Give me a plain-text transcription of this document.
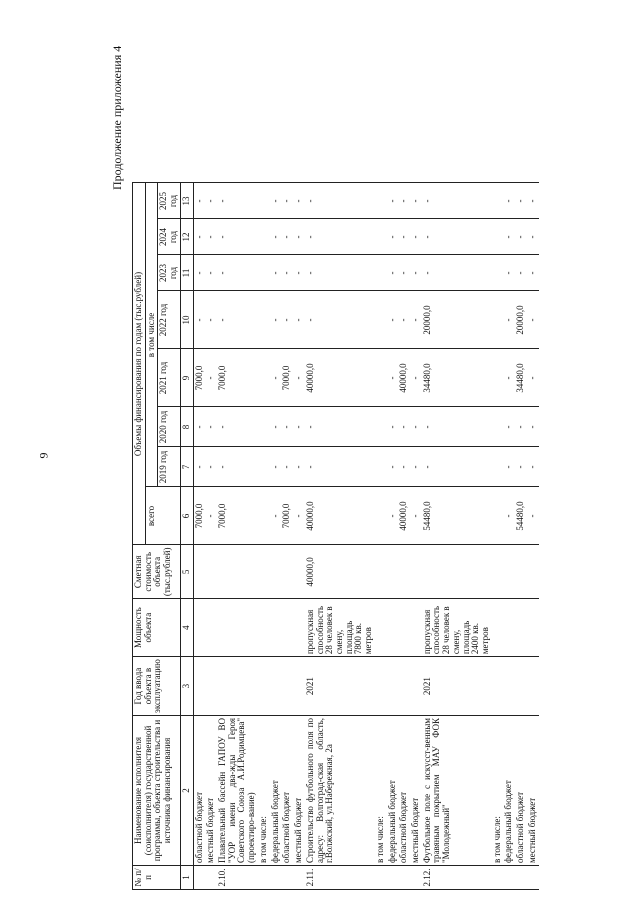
9
Продолжение приложения 4
№ п/п	Наименование исполнителя (соисполнителя) государственной программы, объекта строительства и источника финансирования	Год ввода объекта в эксплуатацию	Мощность объекта	Сметная стоимость объекта (тыс.рублей)	Объемы финансирования по годам (тыс.рублей)							
					всего	в том числе						
						2019 год	2020 год	2021 год	2022 год	2023 год	2024 год	2025 год
1	2	3	4	5	6	7	8	9	10	11	12	13
	областной бюджет				7000,0	-	-	7000,0	-	-	-	-
	местный бюджет				-	-	-	-	-	-	-	-
2.10.	Плавательный бассейн ГАПОУ ВО "УОР имени два-жды Героя Советского Союза А.И.Родимцева" (проектиро-вание)				7000,0	-	-	7000,0	-	-	-	-
	в том числе:											
	федеральный бюджет				-	-	-	-	-	-	-	-
	областной бюджет				7000,0	-	-	7000,0	-	-	-	-
	местный бюджет				-	-	-	-	-	-	-	-
2.11.	Строительство футбольного поля по адресу: Волгоград-ская область, г.Волжский, ул.Набережная, 2а	2021	пропускная способность 28 человек в смену, площадь 7800 кв. метров	40000,0	40000,0	-	-	40000,0	-	-	-	-
	в том числе:											
	федеральный бюджет				-	-	-	-	-	-	-	-
	областной бюджет				40000,0	-	-	40000,0	-	-	-	-
	местный бюджет				-	-	-	-	-	-	-	-
2.12.	Футбольное поле с искусст-венным травяным покрытием МАУ ФОК "Молодежный"	2021	пропускная способность 28 человек в смену, площадь 2400 кв. метров		54480,0	-	-	34480,0	20000,0	-	-	-
	в том числе:											
	федеральный бюджет				-	-	-	-	-	-	-	-
	областной бюджет				54480,0	-	-	34480,0	20000,0	-	-	-
	местный бюджет				-	-	-	-	-	-	-	-
